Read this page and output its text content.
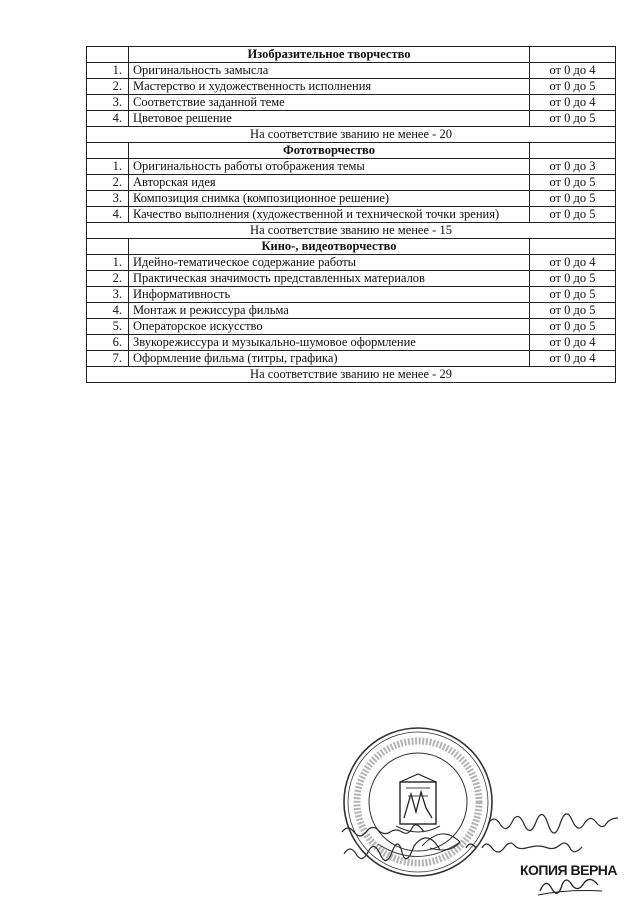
	Изобразительное творчество	
1.	Оригинальность замысла	от 0 до 4
2.	Мастерство и художественность исполнения	от 0 до 5
3.	Соответствие заданной теме	от 0 до 4
4.	Цветовое решение	от 0 до 5
На соответствие званию не менее - 20		
	Фототворчество	
1.	Оригинальность работы отображения темы	от 0 до 3
2.	Авторская идея	от 0 до 5
3.	Композиция снимка (композиционное решение)	от 0 до 5
4.	Качество выполнения (художественной и технической точки зрения)	от 0 до 5
На соответствие званию не менее - 15		
	Кино-, видеотворчество	
1.	Идейно-тематическое содержание работы	от 0 до 4
2.	Практическая значимость представленных материалов	от 0 до 5
3.	Информативность	от 0 до 5
4.	Монтаж и режиссура фильма	от 0 до 5
5.	Операторское искусство	от 0 до 5
6.	Звукорежиссура и музыкально-шумовое оформление	от 0 до 4
7.	Оформление фильма (титры, графика)	от 0 до 4
На соответствие званию не менее - 29		
КОПИЯ ВЕРНА
